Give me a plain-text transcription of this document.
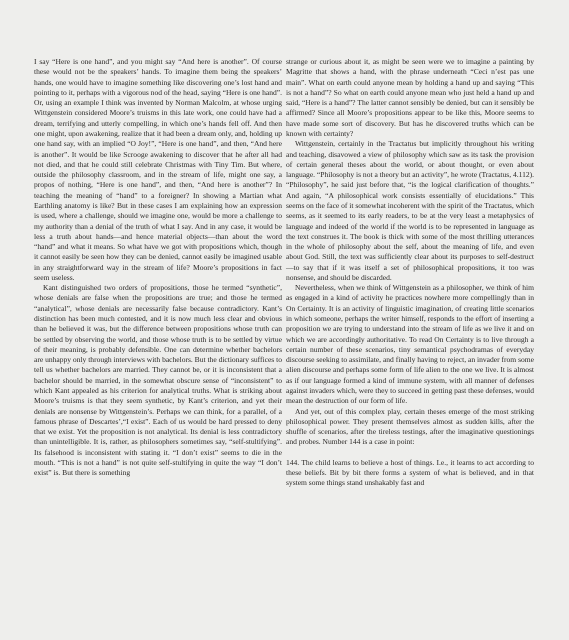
I say “Here is one hand”, and you might say “And here is another”. Of course these would not be the speakers’ hands. To imagine them being the speakers’ hands, one would have to imagine something like discovering one’s lost hand and pointing to it, perhaps with a vigorous nod of the head, saying “Here is one hand”. Or, using an example I think was invented by Norman Malcolm, at whose urging Wittgenstein considered Moore’s truisms in this late work, one could have had a dream, terrifying and utterly compelling, in which one’s hands fell off. And then one might, upon awakening, realize that it had been a dream only, and, holding up one hand say, with an implied “O Joy!”, “Here is one hand”, and then, “And here is another”. It would be like Scrooge awakening to discover that he after all had not died, and that he could still celebrate Christmas with Tiny Tim. But where, outside the philosophy classroom, and in the stream of life, might one say, a propos of nothing, “Here is one hand”, and then, “And here is another”? In teaching the meaning of “hand” to a foreigner? In showing a Martian what Earthling anatomy is like? But in these cases I am explaining how an expression is used, where a challenge, should we imagine one, would be more a challenge to my authority than a denial of the truth of what I say. And in any case, it would be less a truth about hands—and hence material objects—than about the word “hand” and what it means. So what have we got with propositions which, though it cannot easily be seen how they can be denied, cannot easily be imagined usable in any straightforward way in the stream of life? Moore’s propositions in fact seem useless.

Kant distinguished two orders of propositions, those he termed “synthetic”, whose denials are false when the propositions are true; and those he termed “analytical”, whose denials are necessarily false because contradictory. Kant’s distinction has been much contested, and it is now much less clear and obvious than he believed it was, but the difference between propositions whose truth can be settled by observing the world, and those whose truth is to be settled by virtue of their meaning, is probably defensible. One can determine whether bachelors are unhappy only through interviews with bachelors. But the dictionary suffices to tell us whether bachelors are married. They cannot be, or it is inconsistent that a bachelor should be married, in the somewhat obscure sense of “inconsistent” to which Kant appealed as his criterion for analytical truths. What is striking about Moore’s truisms is that they seem synthetic, by Kant’s criterion, and yet their denials are nonsense by Wittgenstein’s. Perhaps we can think, for a parallel, of a famous phrase of Descartes’,“I exist”. Each of us would be hard pressed to deny that we exist. Yet the proposition is not analytical. Its denial is less contradictory than unintelligible. It is, rather, as philosophers sometimes say, “self-stultifying”. Its falsehood is inconsistent with stating it. “I don’t exist” seems to die in the mouth. “This is not a hand” is not quite self-stultifying in quite the way “I don’t exist” is. But there is something

strange or curious about it, as might be seen were we to imagine a painting by Magritte that shows a hand, with the phrase underneath “Ceci n’est pas une main”. What on earth could anyone mean by holding a hand up and saying “This is not a hand”? So what on earth could anyone mean who just held a hand up and said, “Here is a hand”? The latter cannot sensibly be denied, but can it sensibly be affirmed? Since all Moore’s propositions appear to be like this, Moore seems to have made some sort of discovery. But has he discovered truths which can be known with certainty?

Wittgenstein, certainly in the Tractatus but implicitly throughout his writing and teaching, disavowed a view of philosophy which saw as its task the provision of certain general theses about the world, or about thought, or even about language. “Philosophy is not a theory but an activity”, he wrote (Tractatus, 4.112). “Philosophy”, he said just before that, “is the logical clarification of thoughts.” And again, “A philosophical work consists essentially of elucidations.” This seems on the face of it somewhat incoherent with the spirit of the Tractatus, which seems, as it seemed to its early readers, to be at the very least a metaphysics of language and indeed of the world if the world is to be represented in language as the text construes it. The book is thick with some of the most thrilling utterances in the whole of philosophy about the self, about the meaning of life, and even about God. Still, the text was sufficiently clear about its purposes to self-destruct—to say that if it was itself a set of philosophical propositions, it too was nonsense, and should be discarded.

Nevertheless, when we think of Wittgenstein as a philosopher, we think of him as engaged in a kind of activity he practices nowhere more compellingly than in On Certainty. It is an activity of linguistic imagination, of creating little scenarios in which someone, perhaps the writer himself, responds to the effort of inserting a proposition we are trying to understand into the stream of life as we live it and on which we are accordingly authoritative. To read On Certainty is to live through a certain number of these scenarios, tiny semantical psychodramas of everyday discourse seeking to assimilate, and finally having to reject, an invader from some alien discourse and perhaps some form of life alien to the one we live. It is almost as if our language formed a kind of immune system, with all manner of defenses against invaders which, were they to succeed in getting past these defenses, would mean the destruction of our form of life.

And yet, out of this complex play, certain theses emerge of the most striking philosophical power. They present themselves almost as sudden kills, after the shuffle of scenarios, after the tireless testings, after the imaginative questionings and probes. Number 144 is a case in point:

144. The child learns to believe a host of things. I.e., it learns to act according to these beliefs. Bit by bit there forms a system of what is believed, and in that system some things stand unshakably fast and
